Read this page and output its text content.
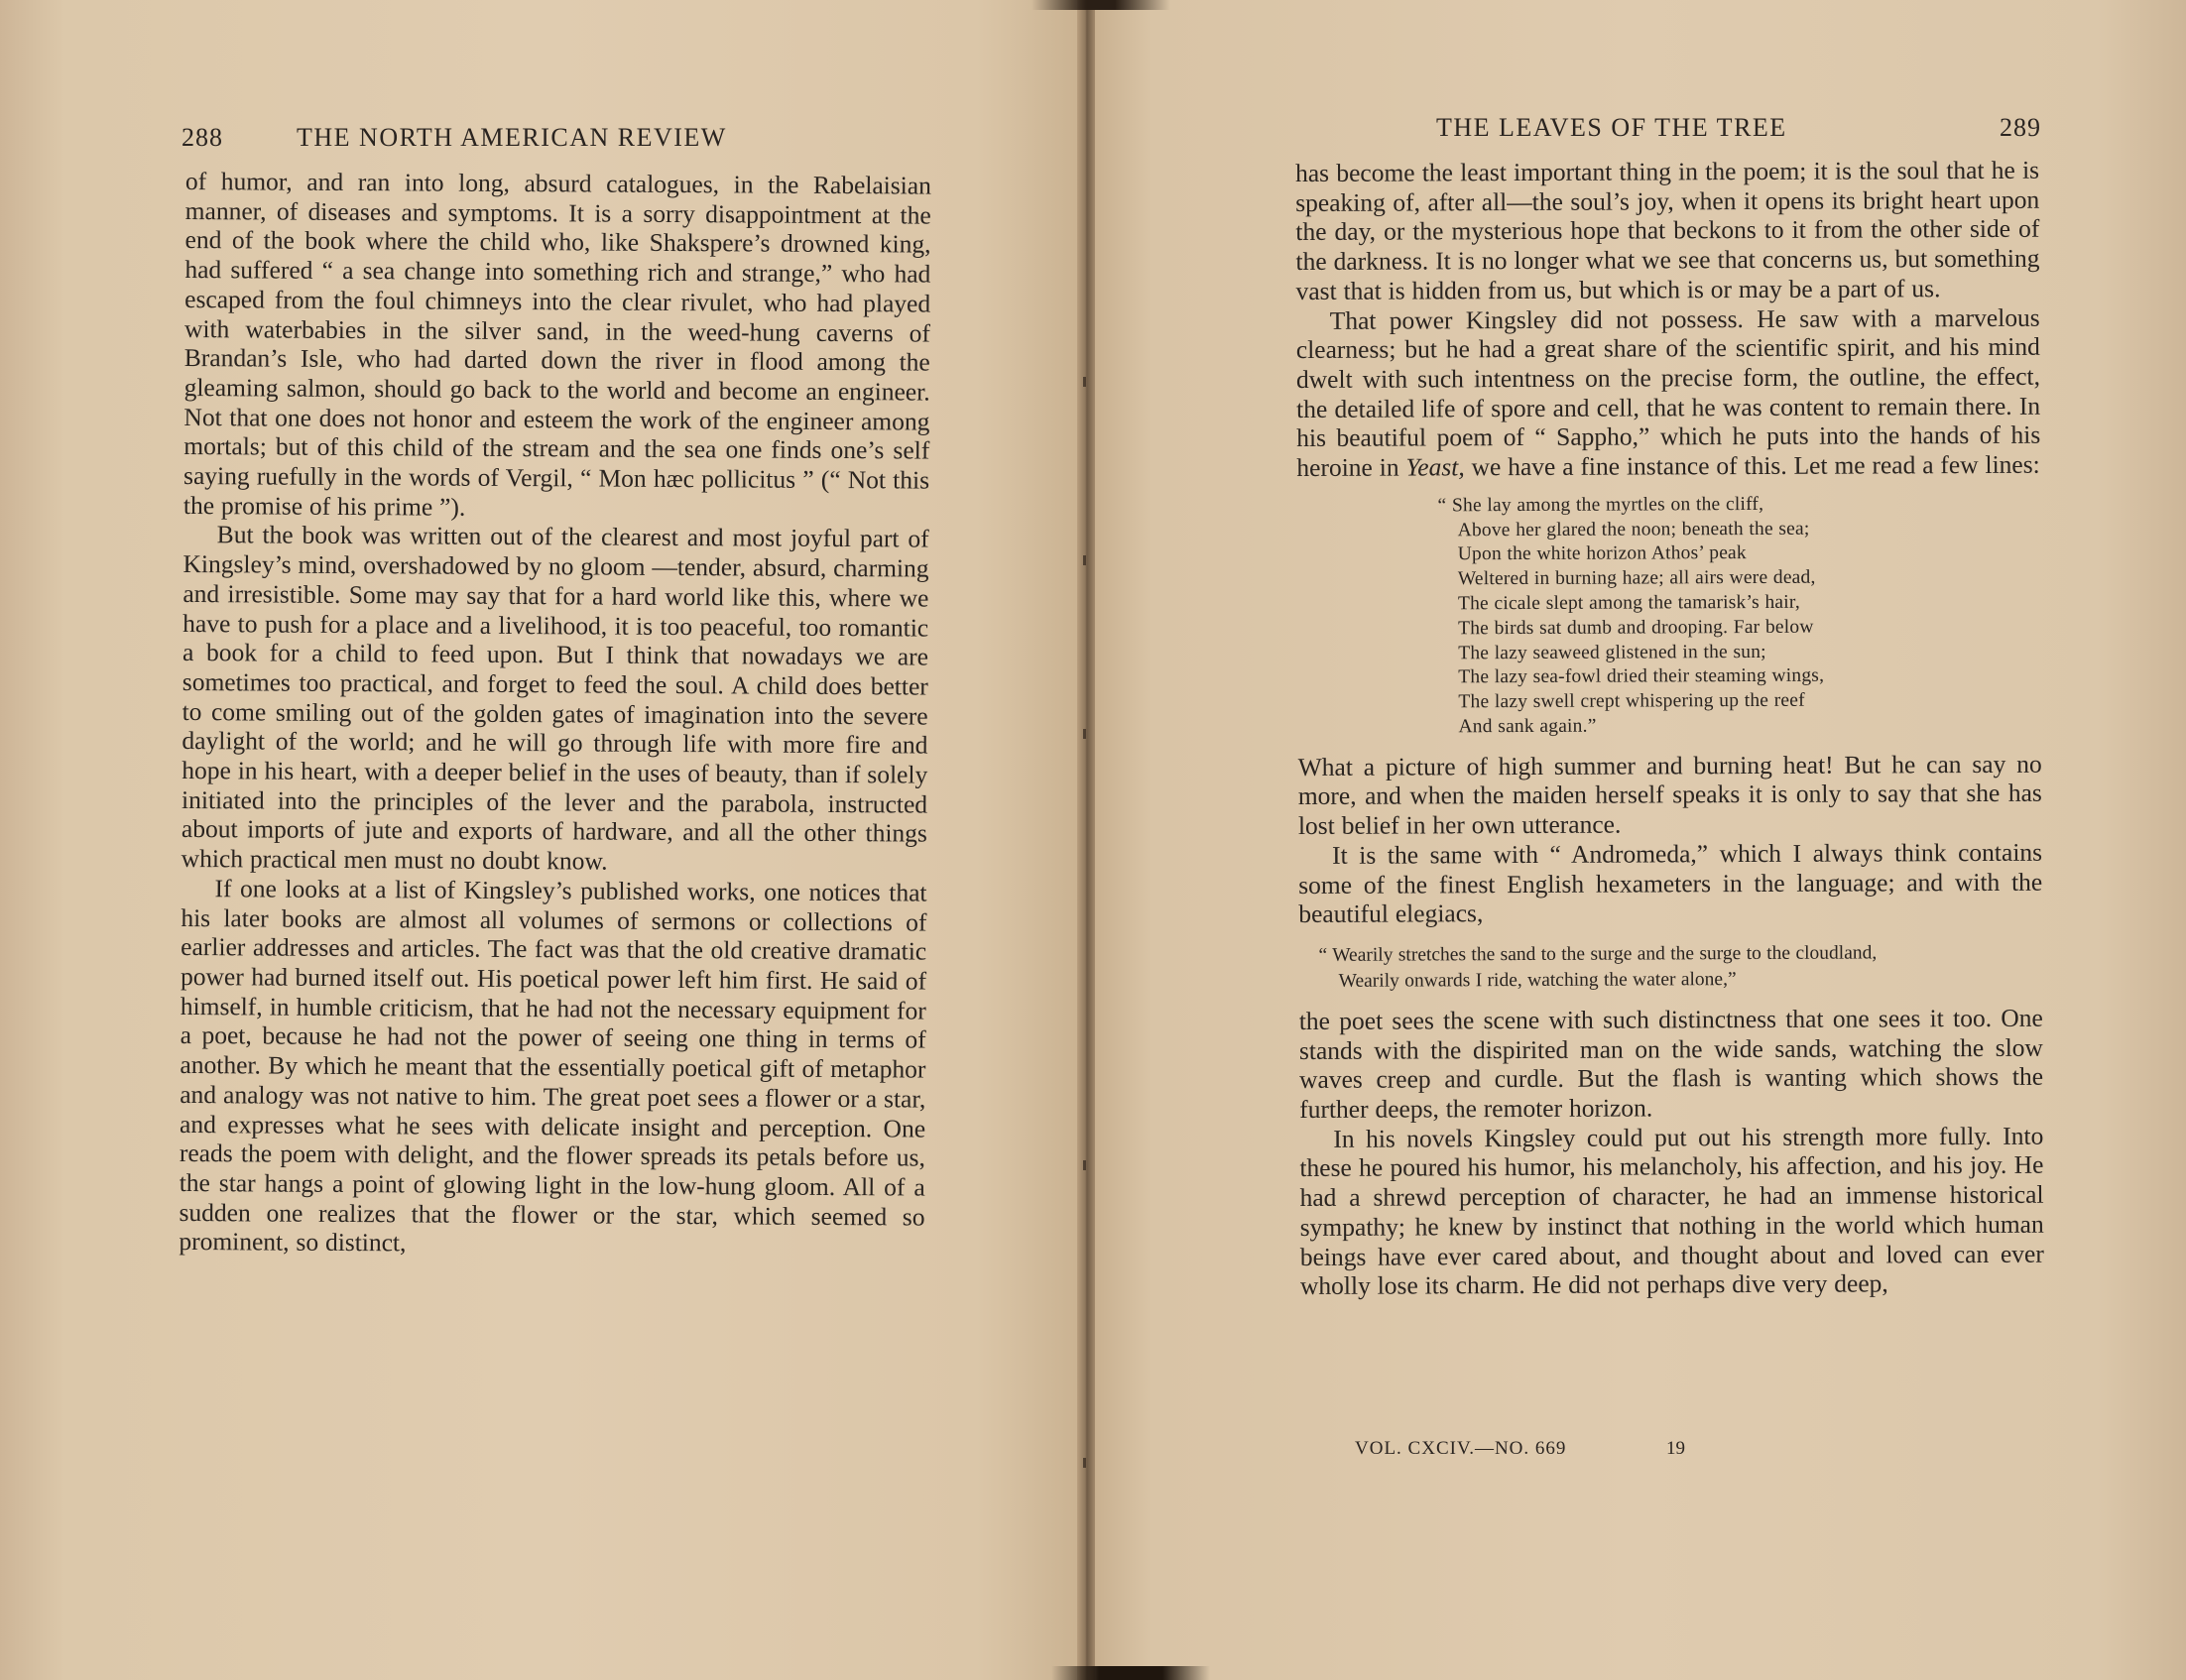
288	THE NORTH AMERICAN REVIEW

of humor, and ran into long, absurd catalogues, in the Rabelaisian manner, of diseases and symptoms. It is a sorry disappointment at the end of the book where the child who, like Shakspere’s drowned king, had suffered “ a sea change into something rich and strange,” who had escaped from the foul chimneys into the clear rivulet, who had played with waterbabies in the silver sand, in the weed-hung caverns of Brandan’s Isle, who had darted down the river in flood among the gleaming salmon, should go back to the world and become an engineer. Not that one does not honor and esteem the work of the engineer among mortals; but of this child of the stream and the sea one finds one’s self saying ruefully in the words of Vergil, “ Mon hæc pollicitus ” (“ Not this the promise of his prime ”).

But the book was written out of the clearest and most joyful part of Kingsley’s mind, overshadowed by no gloom —tender, absurd, charming and irresistible. Some may say that for a hard world like this, where we have to push for a place and a livelihood, it is too peaceful, too romantic a book for a child to feed upon. But I think that nowadays we are sometimes too practical, and forget to feed the soul. A child does better to come smiling out of the golden gates of imagination into the severe daylight of the world; and he will go through life with more fire and hope in his heart, with a deeper belief in the uses of beauty, than if solely initiated into the principles of the lever and the parabola, instructed about imports of jute and exports of hardware, and all the other things which practical men must no doubt know.

If one looks at a list of Kingsley’s published works, one notices that his later books are almost all volumes of sermons or collections of earlier addresses and articles. The fact was that the old creative dramatic power had burned itself out. His poetical power left him first. He said of himself, in humble criticism, that he had not the necessary equipment for a poet, because he had not the power of seeing one thing in terms of another. By which he meant that the essentially poetical gift of metaphor and analogy was not native to him. The great poet sees a flower or a star, and expresses what he sees with delicate insight and perception. One reads the poem with delight, and the flower spreads its petals before us, the star hangs a point of glowing light in the low-hung gloom. All of a sudden one realizes that the flower or the star, which seemed so prominent, so distinct,

THE LEAVES OF THE TREE	289

has become the least important thing in the poem; it is the soul that he is speaking of, after all—the soul’s joy, when it opens its bright heart upon the day, or the mysterious hope that beckons to it from the other side of the darkness. It is no longer what we see that concerns us, but something vast that is hidden from us, but which is or may be a part of us.

That power Kingsley did not possess. He saw with a marvelous clearness; but he had a great share of the scientific spirit, and his mind dwelt with such intentness on the precise form, the outline, the effect, the detailed life of spore and cell, that he was content to remain there. In his beautiful poem of “ Sappho,” which he puts into the hands of his heroine in Yeast, we have a fine instance of this. Let me read a few lines:

“ She lay among the myrtles on the cliff,
Above her glared the noon; beneath the sea;
Upon the white horizon Athos’ peak
Weltered in burning haze; all airs were dead,
The cicale slept among the tamarisk’s hair,
The birds sat dumb and drooping. Far below
The lazy seaweed glistened in the sun;
The lazy sea-fowl dried their steaming wings,
The lazy swell crept whispering up the reef
And sank again.”

What a picture of high summer and burning heat! But he can say no more, and when the maiden herself speaks it is only to say that she has lost belief in her own utterance.

It is the same with “ Andromeda,” which I always think contains some of the finest English hexameters in the language; and with the beautiful elegiacs,

“ Wearily stretches the sand to the surge and the surge to the cloudland,
Wearily onwards I ride, watching the water alone,”

the poet sees the scene with such distinctness that one sees it too. One stands with the dispirited man on the wide sands, watching the slow waves creep and curdle. But the flash is wanting which shows the further deeps, the remoter horizon.

In his novels Kingsley could put out his strength more fully. Into these he poured his humor, his melancholy, his affection, and his joy. He had a shrewd perception of character, he had an immense historical sympathy; he knew by instinct that nothing in the world which human beings have ever cared about, and thought about and loved can ever wholly lose its charm. He did not perhaps dive very deep,

VOL. CXCIV.—NO. 669	19
